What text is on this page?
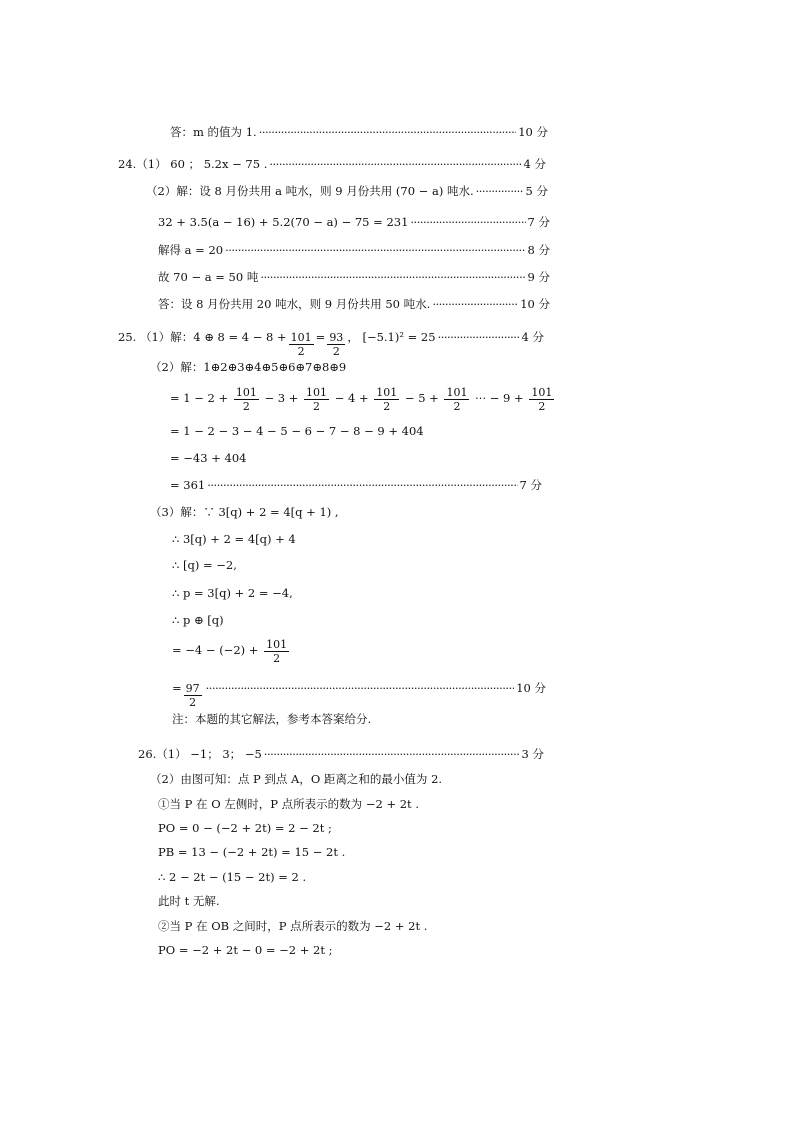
答：m 的值为 1. ·····	10 分
24.（1） 60 ； 5.2x − 75 . ·····	4 分
（2）解：设 8 月份共用 a 吨水，则 9 月份共用 (70 − a) 吨水. ·····	5 分
32 + 3.5(a − 16) + 5.2(70 − a) − 75 = 231 ·····	7 分
解得 a = 20 ·····	8 分
故 70 − a = 50 吨 ·····	9 分
答：设 8 月份共用 20 吨水，则 9 月份共用 50 吨水. ·····	10 分
25. （1）解：4 ⊕ $8 = 4 - 8 + \frac{101}{2} = \frac{93}{2}$ ， [−5.1)² = 25 ·····	4 分
（2）解：1⊕2⊕3⊕4⊕5⊕6⊕7⊕8⊕9
= $1 - 2 + \frac{101}{2} - 3 + \frac{101}{2} - 4 + \frac{101}{2} - 5 + \frac{101}{2}$ ··· − $9 + \frac{101}{2}$
= 1 − 2 − 3 − 4 − 5 − 6 − 7 − 8 − 9 + 404
= −43 + 404
= 361 ·····	7 分
（3）解：∵ 3[q) + 2 = 4[q + 1) ,
∴ 3[q) + 2 = 4[q) + 4
∴ [q) = −2,
∴ p = 3[q) + 2 = −4,
∴ p ⊕ [q)
= $-4 - (-2) + \frac{101}{2}$
= $\frac{97}{2}$ ·····	10 分
注：本题的其它解法，参考本答案给分.
26.（1） −1； 3； −5 ·····	3 分
（2）由图可知：点 P 到点 A，O 距离之和的最小值为 2.
①当 P 在 O 左侧时，P 点所表示的数为 −2 + 2t .
PO = 0 − (−2 + 2t) = 2 − 2t ;
PB = 13 − (−2 + 2t) = 15 − 2t .
∴ 2 − 2t − (15 − 2t) = 2 .
此时 t 无解.
②当 P 在 OB 之间时，P 点所表示的数为 −2 + 2t .
PO = −2 + 2t − 0 = −2 + 2t ;
